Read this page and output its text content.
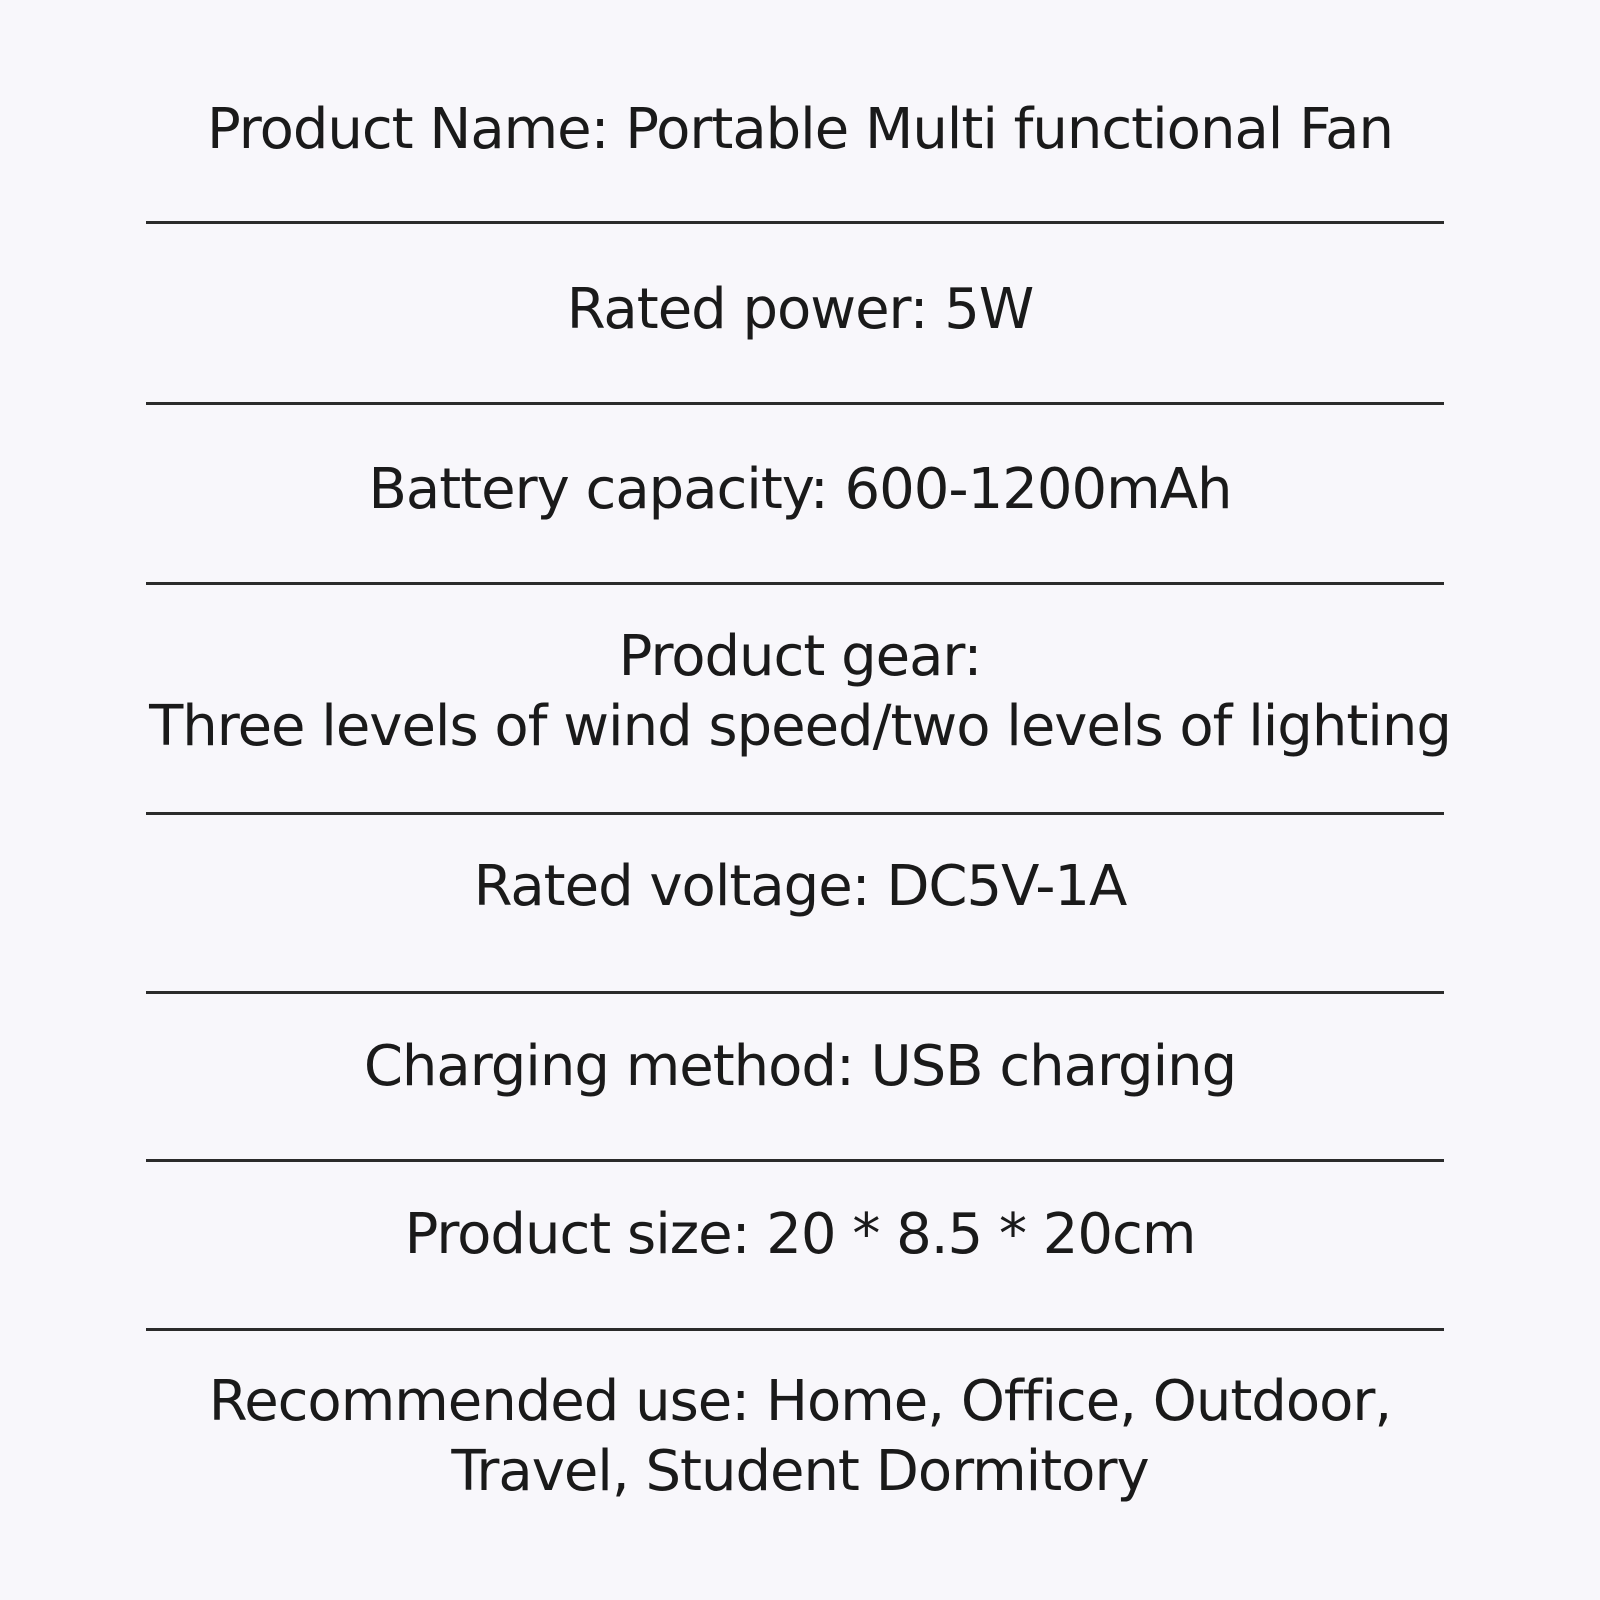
Product Name: Portable Multi functional Fan
Rated power: 5W
Battery capacity: 600-1200mAh
Product gear:
Three levels of wind speed/two levels of lighting
Rated voltage: DC5V-1A
Charging method: USB charging
Product size: 20 * 8.5 * 20cm
Recommended use: Home, Office, Outdoor,
Travel, Student Dormitory
